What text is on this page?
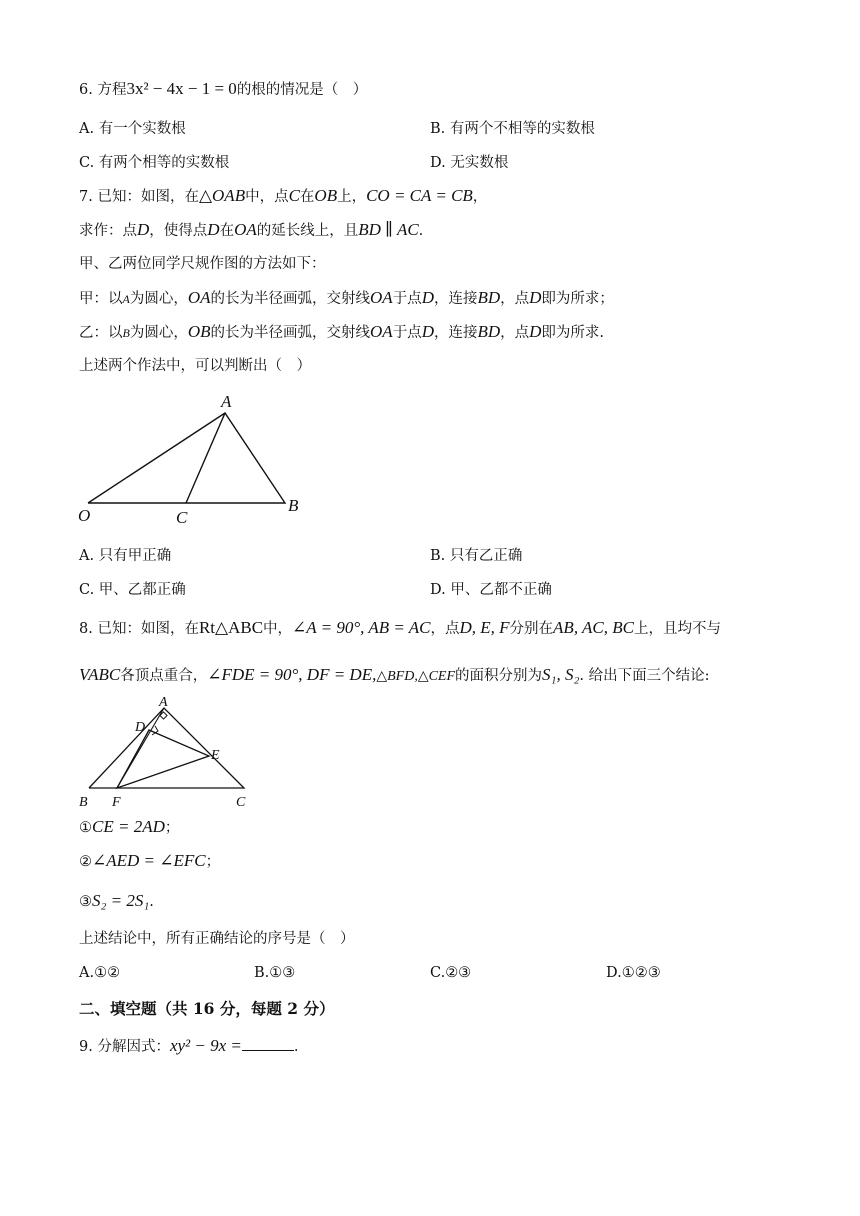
6. 方程3x² − 4x − 1 = 0的根的情况是（　）
A. 有一个实数根	B. 有两个不相等的实数根
C. 有两个相等的实数根	D. 无实数根
7. 已知：如图，在△OAB中，点C在OB上，CO = CA = CB，
求作：点D，使得点D在OA的延长线上，且BD ∥ AC.
甲、乙两位同学尺规作图的方法如下：
甲：以A为圆心，OA的长为半径画弧，交射线OA于点D，连接BD，点D即为所求；
乙：以B为圆心，OB的长为半径画弧，交射线OA于点D，连接BD，点D即为所求.
上述两个作法中，可以判断出（　）
A
O	C
B
A. 只有甲正确	B. 只有乙正确
C. 甲、乙都正确	D. 甲、乙都不正确
8. 已知：如图，在Rt△ABC中，∠A = 90°, AB = AC，点D, E, F分别在AB, AC, BC上，且均不与
VABC各顶点重合，∠FDE = 90°, DF = DE,△BFD,△CEF的面积分别为S₁, S₂. 给出下面三个结论:
A
D
E
B F	C
①CE = 2AD；
②∠AED = ∠EFC；
③S₂ = 2S₁.
上述结论中，所有正确结论的序号是（　）
A.①②	B.①③	C.②③	D.①②③
二、填空题（共 16 分，每题 2 分）
9. 分解因式：xy² − 9x =	.
